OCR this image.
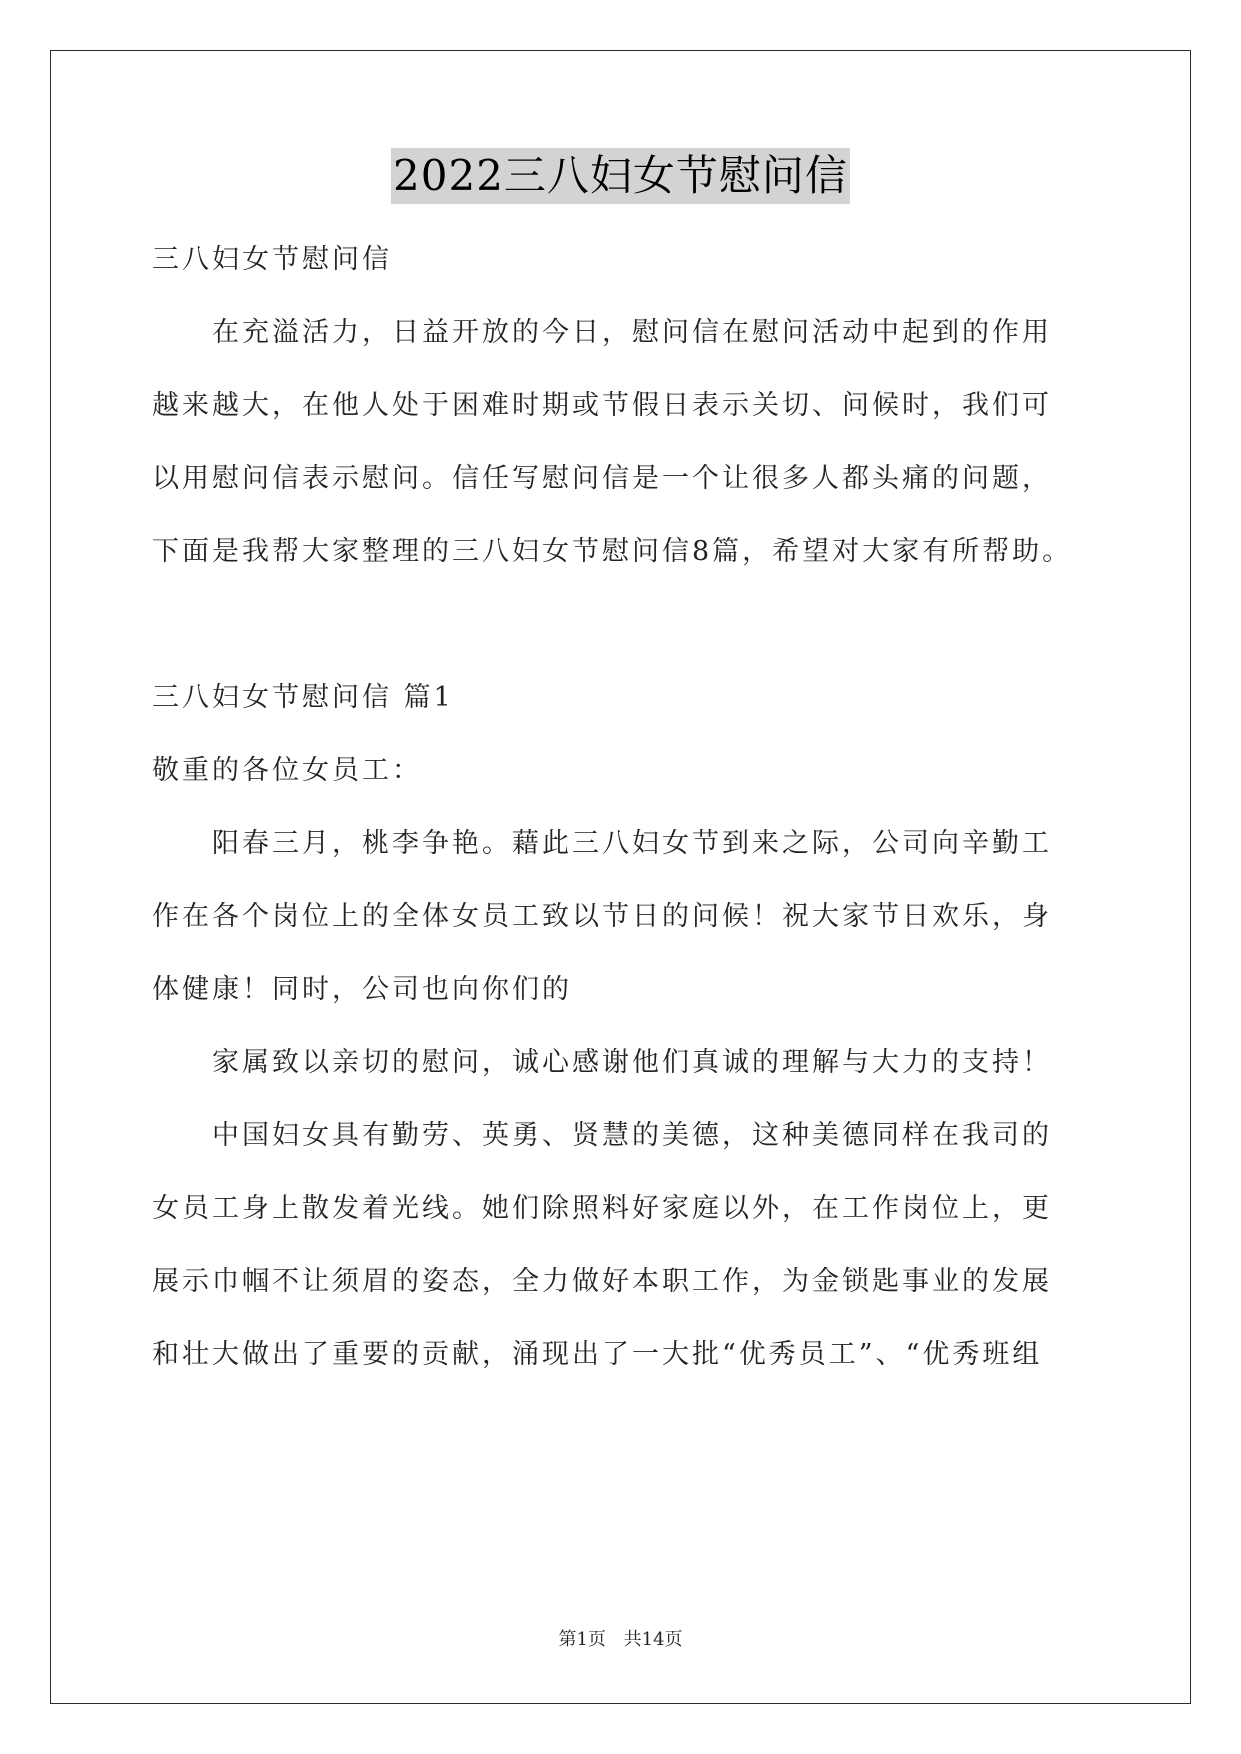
2022三八妇女节慰问信
三八妇女节慰问信
在充溢活力，日益开放的今日，慰问信在慰问活动中起到的作用
越来越大，在他人处于困难时期或节假日表示关切、问候时，我们可
以用慰问信表示慰问。信任写慰问信是一个让很多人都头痛的问题，
下面是我帮大家整理的三八妇女节慰问信8篇，希望对大家有所帮助。
三八妇女节慰问信 篇1
敬重的各位女员工：
阳春三月，桃李争艳。藉此三八妇女节到来之际，公司向辛勤工
作在各个岗位上的全体女员工致以节日的问候！祝大家节日欢乐，身
体健康！同时，公司也向你们的
家属致以亲切的慰问，诚心感谢他们真诚的理解与大力的支持！
中国妇女具有勤劳、英勇、贤慧的美德，这种美德同样在我司的
女员工身上散发着光线。她们除照料好家庭以外，在工作岗位上，更
展示巾帼不让须眉的姿态，全力做好本职工作，为金锁匙事业的发展
和壮大做出了重要的贡献，涌现出了一大批“优秀员工”、“优秀班组
第1页 共14页
